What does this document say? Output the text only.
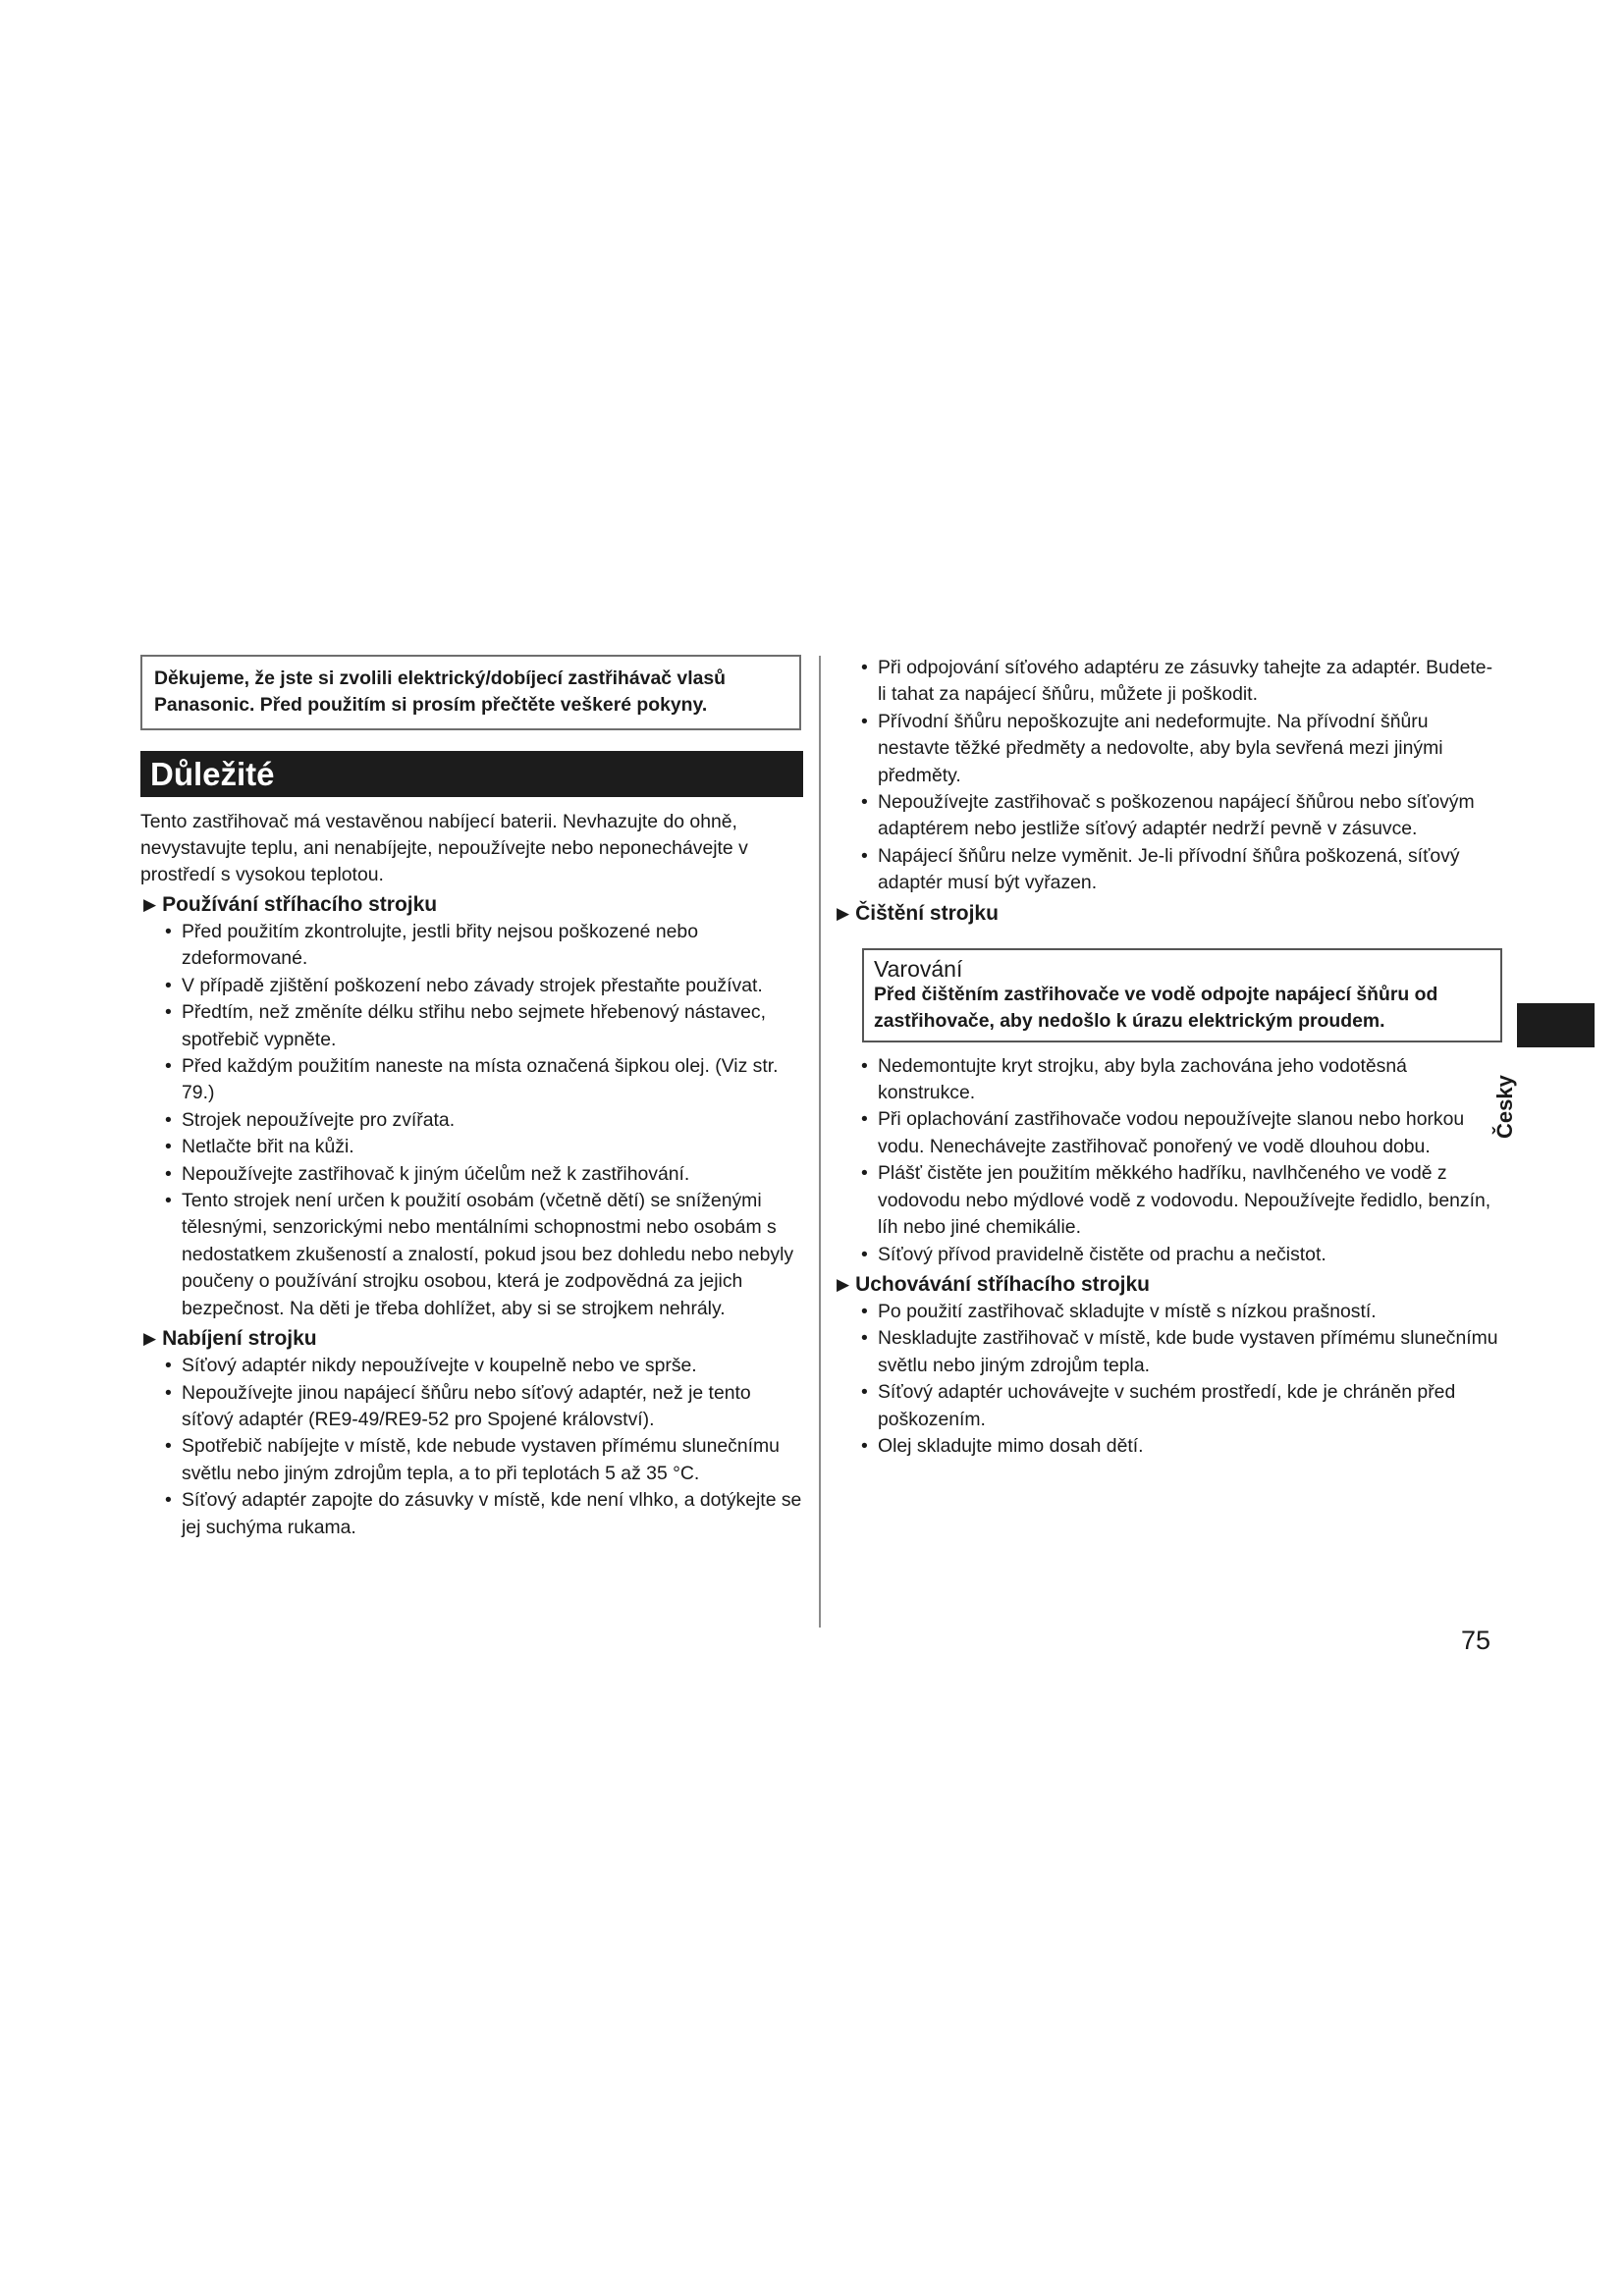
Děkujeme, že jste si zvolili elektrický/dobíjecí zastřihávač vlasů
Panasonic. Před použitím si prosím přečtěte veškeré pokyny.
Důležité

Tento zastřihovač má vestavěnou nabíjecí baterii. Nevhazujte do ohně, nevystavujte teplu, ani nenabíjejte, nepoužívejte nebo neponechávejte v prostředí s vysokou teplotou.

▶ Používání stříhacího strojku
• Před použitím zkontrolujte, jestli břity nejsou poškozené nebo zdeformované.
• V případě zjištění poškození nebo závady strojek přestaňte používat.
• Předtím, než změníte délku střihu nebo sejmete hřebenový nástavec, spotřebič vypněte.
• Před každým použitím naneste na místa označená šipkou olej. (Viz str. 79.)
• Strojek nepoužívejte pro zvířata.
• Netlačte břit na kůži.
• Nepoužívejte zastřihovač k jiným účelům než k zastřihování.
• Tento strojek není určen k použití osobám (včetně dětí) se sníženými tělesnými, senzorickými nebo mentálními schopnostmi nebo osobám s nedostatkem zkušeností a znalostí, pokud jsou bez dohledu nebo nebyly poučeny o používání strojku osobou, která je zodpovědná za jejich bezpečnost. Na děti je třeba dohlížet, aby si se strojkem nehrály.
▶ Nabíjení strojku
• Síťový adaptér nikdy nepoužívejte v koupelně nebo ve sprše.
• Nepoužívejte jinou napájecí šňůru nebo síťový adaptér, než je tento síťový adaptér (RE9-49/RE9-52 pro Spojené království).
• Spotřebič nabíjejte v místě, kde nebude vystaven přímému slunečnímu světlu nebo jiným zdrojům tepla, a to při teplotách 5 až 35 °C.
• Síťový adaptér zapojte do zásuvky v místě, kde není vlhko, a dotýkejte se jej suchýma rukama.
• Při odpojování síťového adaptéru ze zásuvky tahejte za adaptér. Budete-li tahat za napájecí šňůru, můžete ji poškodit.
• Přívodní šňůru nepoškozujte ani nedeformujte. Na přívodní šňůru nestavte těžké předměty a nedovolte, aby byla sevřená mezi jinými předměty.
• Nepoužívejte zastřihovač s poškozenou napájecí šňůrou nebo síťovým adaptérem nebo jestliže síťový adaptér nedrží pevně v zásuvce.
• Napájecí šňůru nelze vyměnit. Je-li přívodní šňůra poškozená, síťový adaptér musí být vyřazen.
▶ Čištění strojku
Varování
Před čištěním zastřihovače ve vodě odpojte napájecí šňůru od zastřihovače, aby nedošlo k úrazu elektrickým proudem.
• Nedemontujte kryt strojku, aby byla zachována jeho vodotěsná konstrukce.
• Při oplachování zastřihovače vodou nepoužívejte slanou nebo horkou vodu. Nenechávejte zastřihovač ponořený ve vodě dlouhou dobu.
• Plášť čistěte jen použitím měkkého hadříku, navlhčeného ve vodě z vodovodu nebo mýdlové vodě z vodovodu. Nepoužívejte ředidlo, benzín, líh nebo jiné chemikálie.
• Síťový přívod pravidelně čistěte od prachu a nečistot.
▶ Uchovávání stříhacího strojku
• Po použití zastřihovač skladujte v místě s nízkou prašností.
• Neskladujte zastřihovač v místě, kde bude vystaven přímému slunečnímu světlu nebo jiným zdrojům tepla.
• Síťový adaptér uchovávejte v suchém prostředí, kde je chráněn před poškozením.
• Olej skladujte mimo dosah dětí.
Česky
75
